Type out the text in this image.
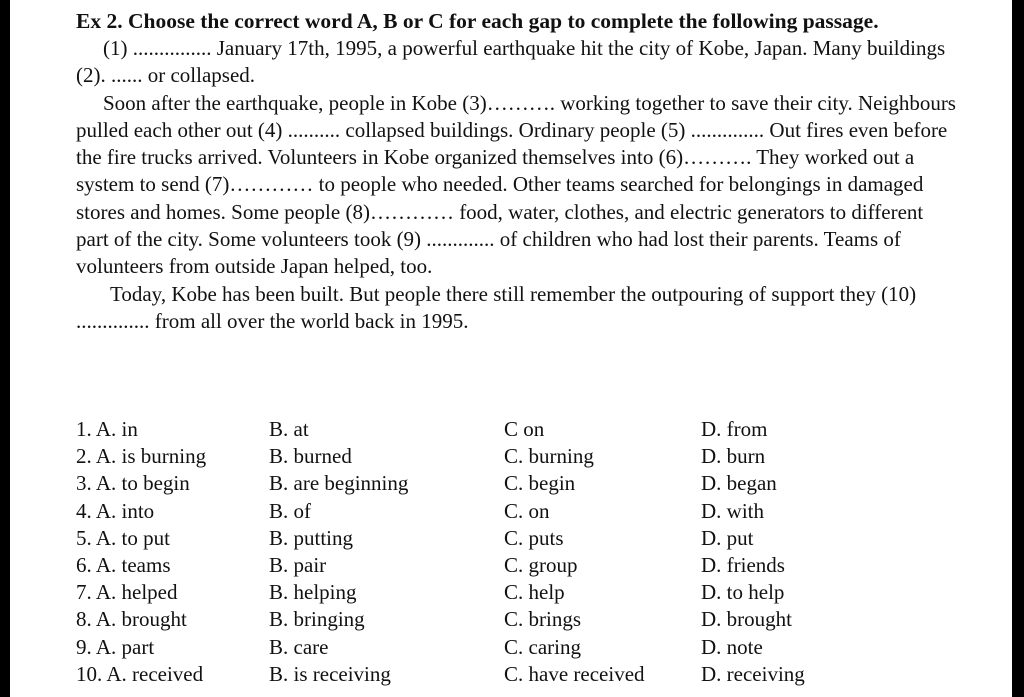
Ex 2. Choose the correct word A, B or C for each gap to complete the following passage.

(1) ............... January 17th, 1995, a powerful earthquake hit the city of Kobe, Japan. Many buildings (2). ...... or collapsed.

Soon after the earthquake, people in Kobe (3)………. working together to save their city. Neighbours pulled each other out (4) .......... collapsed buildings. Ordinary people (5) .............. Out fires even before the fire trucks arrived. Volunteers in Kobe organized themselves into (6)………. They worked out a system to send (7)………… to people who needed. Other teams searched for belongings in damaged stores and homes. Some people (8)………… food, water, clothes, and electric generators to different part of the city. Some volunteers took (9) ............. of children who had lost their parents. Teams of volunteers from outside Japan helped, too.

Today, Kobe has been built. But people there still remember the outpouring of support they (10) .............. from all over the world back in 1995.

1. A. in	B. at	C on	D. from
2. A. is burning	B. burned	C. burning	D. burn
3. A. to begin	B. are beginning	C. begin	D. began
4. A. into	B. of	C. on	D. with
5. A. to put	B. putting	C. puts	D. put
6. A. teams	B. pair	C. group	D. friends
7. A. helped	B. helping	C. help	D. to help
8. A. brought	B. bringing	C. brings	D. brought
9. A. part	B. care	C. caring	D. note
10. A. received	B. is receiving	C. have received	D. receiving
